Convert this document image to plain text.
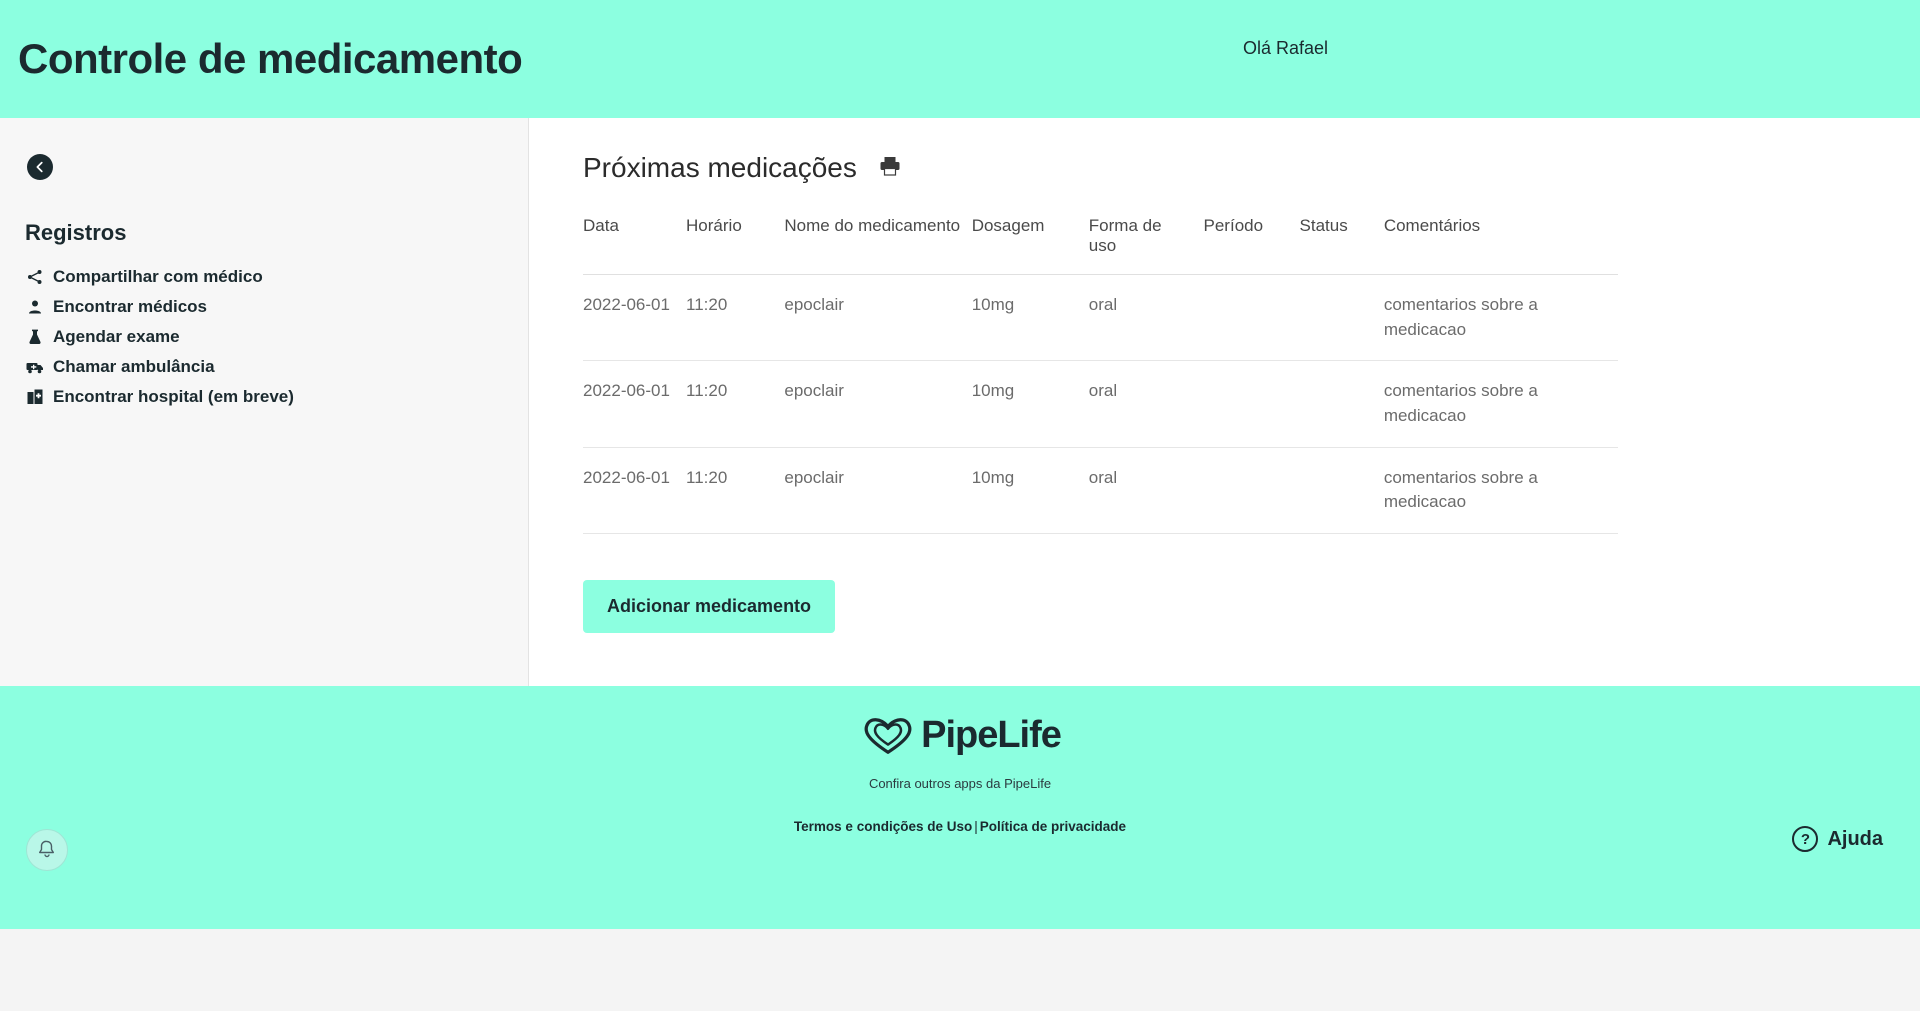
Controle de medicamento	Olá Rafael
Registros
Compartilhar com médico
Encontrar médicos
Agendar exame
Chamar ambulância
Encontrar hospital (em breve)
Próximas medicações
Data	Horário	Nome do medicamento	Dosagem	Forma de uso	Período	Status	Comentários
2022-06-01	11:20	epoclair	10mg	oral			comentarios sobre a medicacao
2022-06-01	11:20	epoclair	10mg	oral			comentarios sobre a medicacao
2022-06-01	11:20	epoclair	10mg	oral			comentarios sobre a medicacao
Adicionar medicamento
PipeLife
Confira outros apps da PipeLife
Termos e condições de Uso | Política de privacidade
? Ajuda
